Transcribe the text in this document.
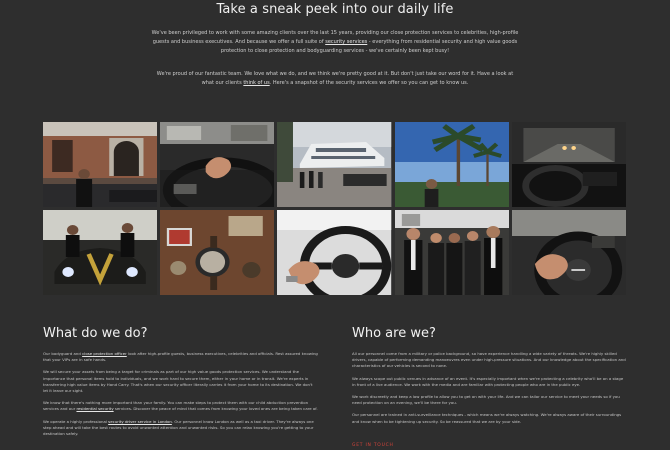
Take a sneak peek into our daily life

We've been privileged to work with some amazing clients over the last 15 years, providing our close protection services to celebrities, high-profile guests and business executives. And because we offer a full suite of security services - everything from residential security and high value goods protection to close protection and bodyguarding services - we've certainly been kept busy!

We're proud of our fantastic team. We love what we do, and we think we're pretty good at it. But don't just take our word for it. Have a look at what our clients think of us. Here's a snapshot of the security services we offer so you can get to know us.

What do we do?

Our bodyguard and close protection officer look after high-profile guests, business executives, celebrities and officials. Rest assured knowing that your VIPs are in safe hands.

We will secure your assets from being a target for criminals as part of our high value goods protection services. We understand the importance that personal items hold to individuals, and we work hard to secure them, either in your home or in transit. We're experts in transferring high value items by Hand Carry. That's when our security officer literally carries it from your home to its destination. We don't let it leave our sight.

We know that there's nothing more important than your family. You can make steps to protect them with our child abduction prevention services and our residential security services. Discover the peace of mind that comes from knowing your loved ones are being taken care of.

We operate a highly professional security driver service in London. Our personnel know London as well as a taxi driver. They're always one step ahead and will take the best routes to avoid unwanted attention and unwanted risks. So you can relax knowing you're getting to your destination safely.

Who are we?

All our personnel come from a military or police background, so have experience handling a wide variety of threats. We're highly skilled drivers, capable of performing demanding manoeuvres even under high-pressure situations. And our knowledge about the specification and characteristics of our vehicles is second to none.

We always scope out public venues in advance of an event. It's especially important when we're protecting a celebrity who'll be on a stage in front of a live audience. We work with the media and are familiar with protecting people who are in the public eye.

We work discreetly and keep a low profile to allow you to get on with your life. And we can tailor our service to meet your needs so if you need protection on an evening, we'll be there for you.

Our personnel are trained in anti-surveillance techniques - which means we're always watching. We're always aware of their surroundings and know when to be tightening up security. So be reassured that we are by your side.

GET IN TOUCH
